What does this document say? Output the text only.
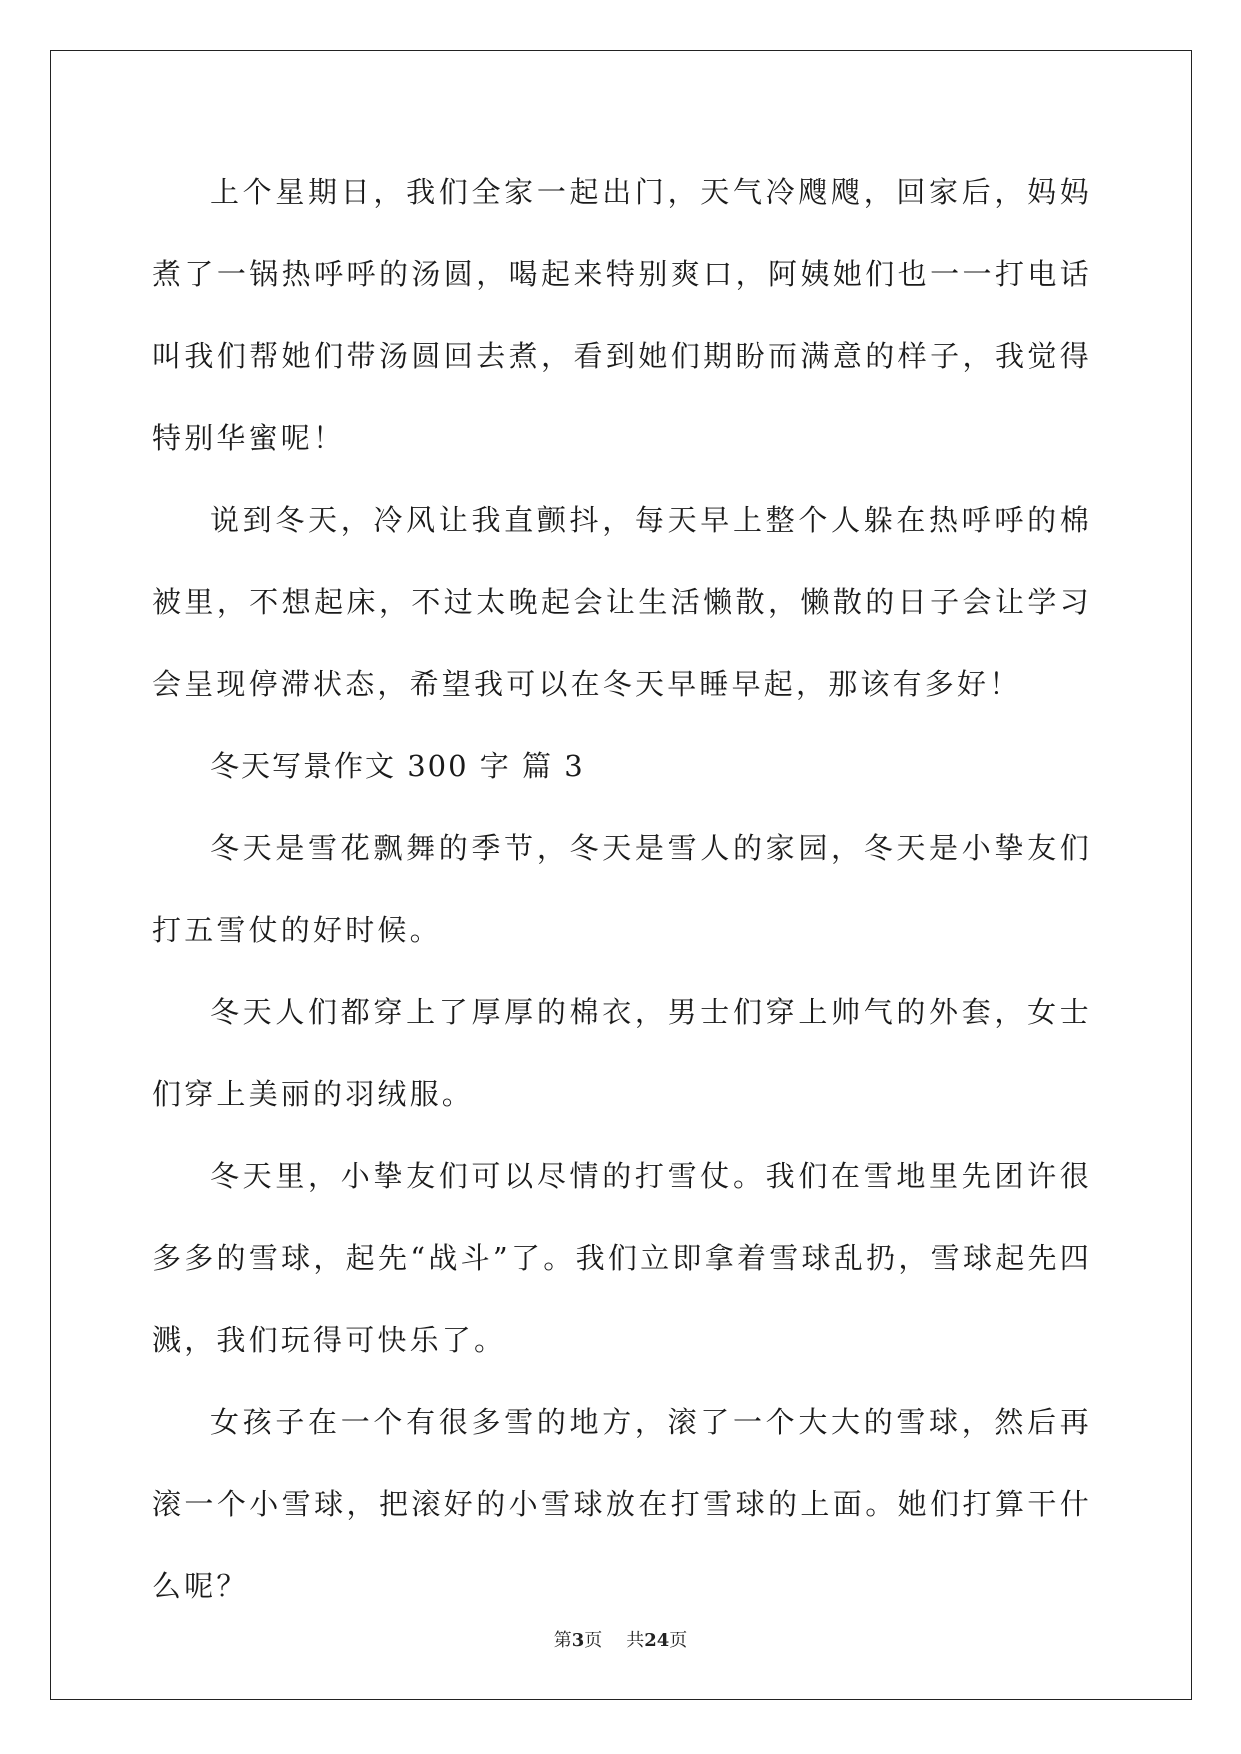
上个星期日，我们全家一起出门，天气冷飕飕，回家后，妈妈煮了一锅热呼呼的汤圆，喝起来特别爽口，阿姨她们也一一打电话叫我们帮她们带汤圆回去煮，看到她们期盼而满意的样子，我觉得特别华蜜呢！

说到冬天，冷风让我直颤抖，每天早上整个人躲在热呼呼的棉被里，不想起床，不过太晚起会让生活懒散，懒散的日子会让学习会呈现停滞状态，希望我可以在冬天早睡早起，那该有多好！

冬天写景作文 300 字 篇 3

冬天是雪花飘舞的季节，冬天是雪人的家园，冬天是小挚友们打五雪仗的好时候。

冬天人们都穿上了厚厚的棉衣，男士们穿上帅气的外套，女士们穿上美丽的羽绒服。

冬天里，小挚友们可以尽情的打雪仗。我们在雪地里先团许很多多的雪球，起先“战斗”了。我们立即拿着雪球乱扔，雪球起先四溅，我们玩得可快乐了。

女孩子在一个有很多雪的地方，滚了一个大大的雪球，然后再滚一个小雪球，把滚好的小雪球放在打雪球的上面。她们打算干什么呢？

第3页 共24页
